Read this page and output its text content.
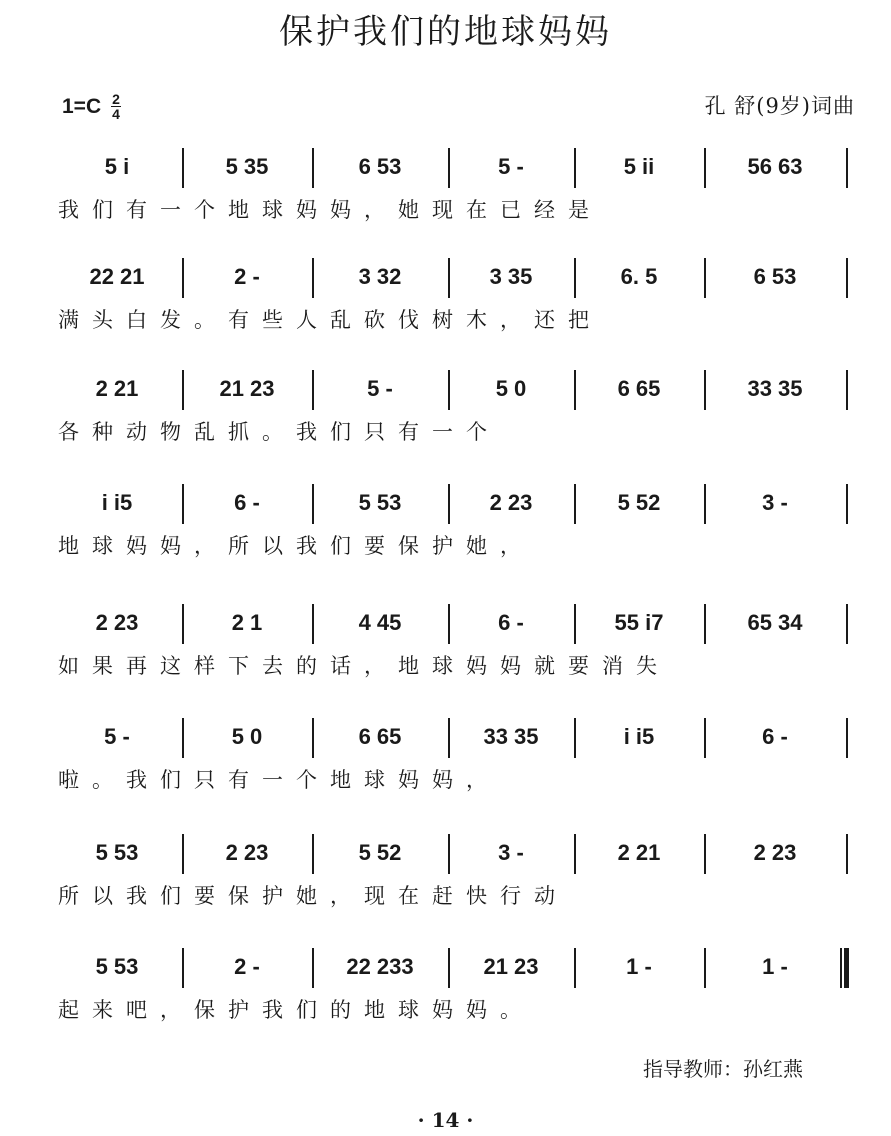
保护我们的地球妈妈
$1=C \frac{2}{4}$	孔 舒(9岁)词曲
5 i	5 35	6 53	5 -	5 ii	56 63
我们有一个地球妈妈，她现在已经是
22 21	2 -	3 32	3 35	6. 5	6 53
满头白发。有些人乱砍伐树木，还把
2 21	21 23	5 -	5 0	6 65	33 35
各种动物乱抓。我们只有一个
i i5	6 -	5 53	2 23	5 52	3 -
地球妈妈，所以我们要保护她，
2 23	2 1	4 45	6 -	55 i7	65 34
如果再这样下去的话，地球妈妈就要消失
5 -	5 0	6 65	33 35	i i5	6 -
啦。我们只有一个地球妈妈，
5 53	2 23	5 52	3 -	2 21	2 23
所以我们要保护她，现在赶快行动
5 53	2 -	22 233	21 23	1 -	1 -
起来吧，保护我们的地球妈妈。
指导教师：孙红燕
· 14 ·
